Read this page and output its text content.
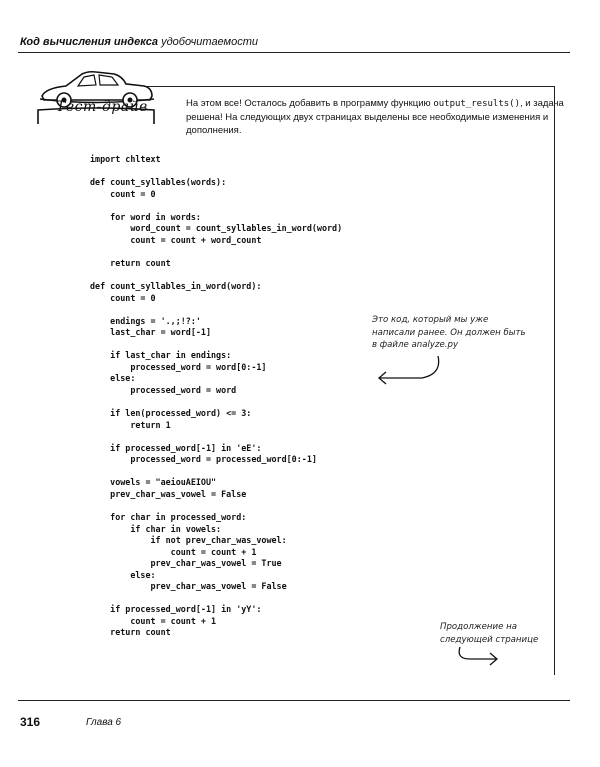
Код вычисления индекса удобочитаемости
Тест-драйв	На этом все! Осталось добавить в программу функцию output_results(), и задача решена! На следующих двух страницах выделены все необходимые изменения и дополнения.
import chltext

def count_syllables(words):
count = 0

for word in words:
word_count = count_syllables_in_word(word)
count = count + word_count

return count

def count_syllables_in_word(word):
count = 0

endings = '.,;!?:'
last_char = word[-1]

if last_char in endings:
processed_word = word[0:-1]
else:
processed_word = word

if len(processed_word) <= 3:
return 1

if processed_word[-1] in 'eE':
processed_word = processed_word[0:-1]

vowels = "aeiouAEIOU"
prev_char_was_vowel = False

for char in processed_word:
if char in vowels:
if not prev_char_was_vowel:
count = count + 1
prev_char_was_vowel = True
else:
prev_char_was_vowel = False

if processed_word[-1] in 'yY':
count = count + 1
return count

Это код, который мы уже написали ранее. Он должен быть в файле analyze.py
Продолжение на следующей странице
316	Глава 6
